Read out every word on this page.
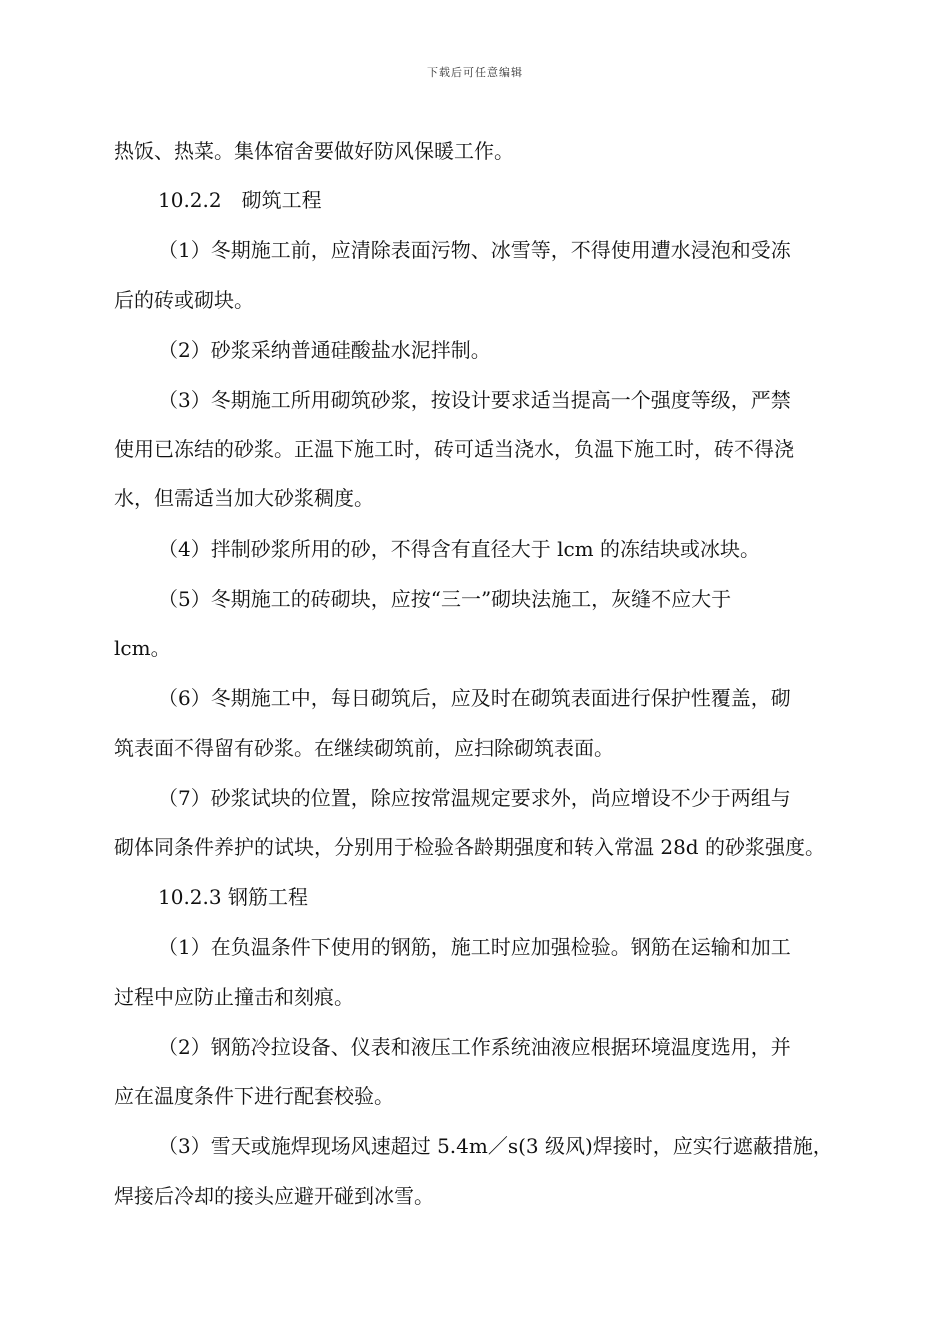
下载后可任意编辑
热饭、热菜。集体宿舍要做好防风保暖工作。
10.2.2　砌筑工程
（1）冬期施工前，应清除表面污物、冰雪等，不得使用遭水浸泡和受冻
后的砖或砌块。
（2）砂浆采纳普通硅酸盐水泥拌制。
（3）冬期施工所用砌筑砂浆，按设计要求适当提高一个强度等级，严禁
使用已冻结的砂浆。正温下施工时，砖可适当浇水，负温下施工时，砖不得浇
水，但需适当加大砂浆稠度。
（4）拌制砂浆所用的砂，不得含有直径大于 lcm 的冻结块或冰块。
（5）冬期施工的砖砌块，应按“三一”砌块法施工，灰缝不应大于
lcm。
（6）冬期施工中，每日砌筑后，应及时在砌筑表面进行保护性覆盖，砌
筑表面不得留有砂浆。在继续砌筑前，应扫除砌筑表面。
（7）砂浆试块的位置，除应按常温规定要求外，尚应增设不少于两组与
砌体同条件养护的试块，分别用于检验各龄期强度和转入常温 28d 的砂浆强度。
10.2.3 钢筋工程
（1）在负温条件下使用的钢筋，施工时应加强检验。钢筋在运输和加工
过程中应防止撞击和刻痕。
（2）钢筋冷拉设备、仪表和液压工作系统油液应根据环境温度选用，并
应在温度条件下进行配套校验。
（3）雪天或施焊现场风速超过 5.4m／s(3 级风)焊接时，应实行遮蔽措施，
焊接后冷却的接头应避开碰到冰雪。
